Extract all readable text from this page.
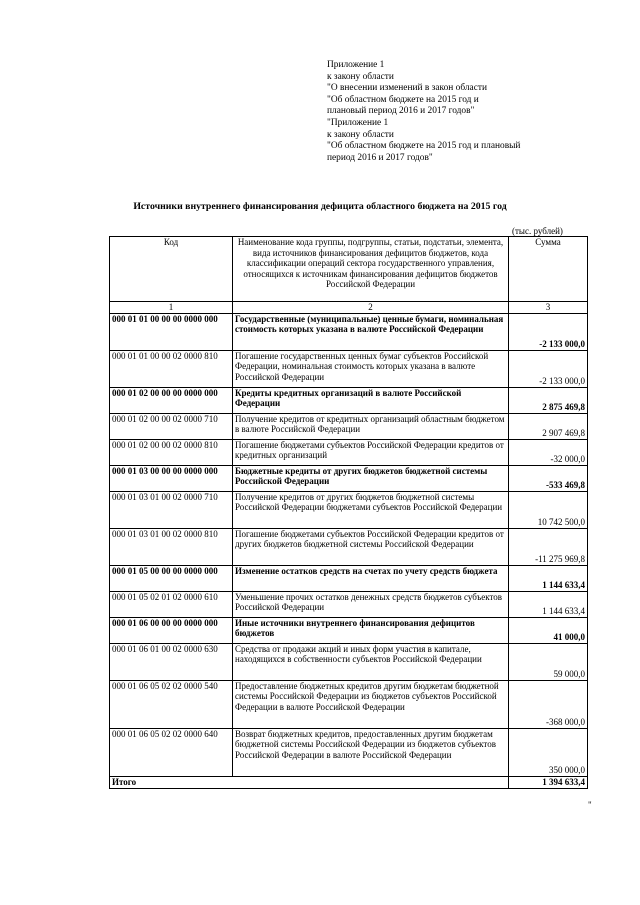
Приложение 1
к закону области
"О внесении изменений в закон области
"Об областном бюджете на 2015 год и
плановый период 2016 и 2017 годов"
"Приложение 1
к закону области
"Об областном бюджете на 2015 год и плановый
период 2016 и 2017 годов"
Источники внутреннего финансирования дефицита областного бюджета на 2015 год
(тыс. рублей)
Код	Наименование кода группы, подгруппы, статьи, подстатьи, элемента, вида источников финансирования дефицитов бюджетов, кода классификации операций сектора государственного управления, относящихся к источникам финансирования дефицитов бюджетов Российской Федерации	Сумма
1	2	3
000 01 01 00 00 00 0000 000	Государственные (муниципальные) ценные бумаги, номинальная стоимость которых указана в валюте Российской Федерации	-2 133 000,0
000 01 01 00 00 02 0000 810	Погашение государственных ценных бумаг субъектов Российской Федерации, номинальная стоимость которых указана в валюте Российской Федерации	-2 133 000,0
000 01 02 00 00 00 0000 000	Кредиты кредитных организаций в валюте Российской Федерации	2 875 469,8
000 01 02 00 00 02 0000 710	Получение кредитов от кредитных организаций областным бюджетом в валюте Российской Федерации	2 907 469,8
000 01 02 00 00 02 0000 810	Погашение бюджетами субъектов Российской Федерации кредитов от кредитных организаций	-32 000,0
000 01 03 00 00 00 0000 000	Бюджетные кредиты от других бюджетов бюджетной системы Российской Федерации	-533 469,8
000 01 03 01 00 02 0000 710	Получение кредитов от других бюджетов бюджетной системы Российской Федерации бюджетами субъектов Российской Федерации	10 742 500,0
000 01 03 01 00 02 0000 810	Погашение бюджетами субъектов Российской Федерации кредитов от других бюджетов бюджетной системы Российской Федерации	-11 275 969,8
000 01 05 00 00 00 0000 000	Изменение остатков средств на счетах по учету средств бюджета	1 144 633,4
000 01 05 02 01 02 0000 610	Уменьшение прочих остатков денежных средств бюджетов субъектов Российской Федерации	1 144 633,4
000 01 06 00 00 00 0000 000	Иные источники внутреннего финансирования дефицитов бюджетов	41 000,0
000 01 06 01 00 02 0000 630	Средства от продажи акций и иных форм участия в капитале, находящихся в собственности субъектов Российской Федерации	59 000,0
000 01 06 05 02 02 0000 540	Предоставление бюджетных кредитов другим бюджетам бюджетной системы Российской Федерации из бюджетов субъектов Российской Федерации в валюте Российской Федерации	-368 000,0
000 01 06 05 02 02 0000 640	Возврат бюджетных кредитов, предоставленных другим бюджетам бюджетной системы Российской Федерации из бюджетов субъектов Российской Федерации в валюте Российской Федерации	350 000,0
Итого		1 394 633,4
"
